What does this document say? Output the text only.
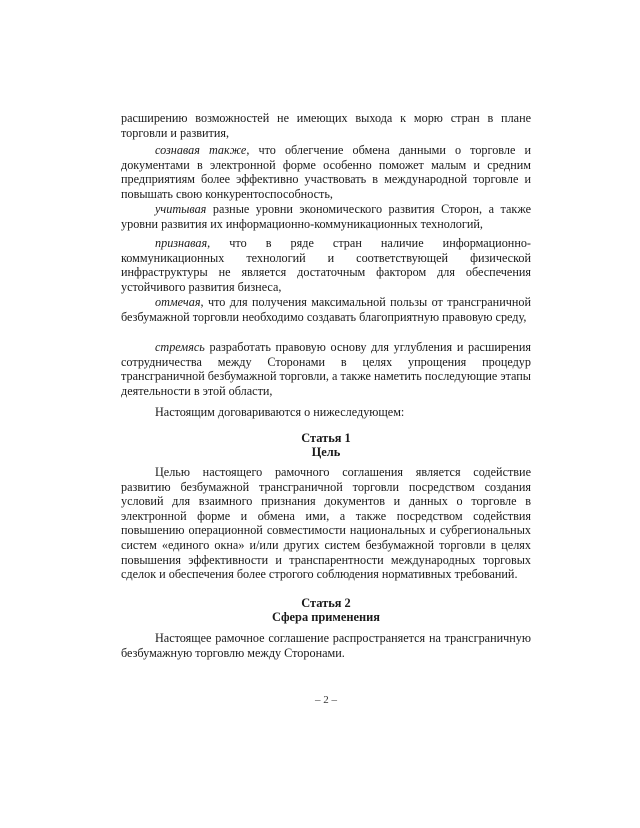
расширению возможностей не имеющих выхода к морю стран в плане торговли и развития,

сознавая также, что облегчение обмена данными о торговле и документами в электронной форме особенно поможет малым и средним предприятиям более эффективно участвовать в международной торговле и повышать свою конкурентоспособность,

учитывая разные уровни экономического развития Сторон, а также уровни развития их информационно-коммуникационных технологий,

признавая, что в ряде стран наличие информационно-коммуникационных технологий и соответствующей физической инфраструктуры не является достаточным фактором для обеспечения устойчивого развития бизнеса,

отмечая, что для получения максимальной пользы от трансграничной безбумажной торговли необходимо создавать благоприятную правовую среду,

стремясь разработать правовую основу для углубления и расширения сотрудничества между Сторонами в целях упрощения процедур трансграничной безбумажной торговли, а также наметить последующие этапы деятельности в этой области,

Настоящим договариваются о нижеследующем:

Статья 1
Цель

Целью настоящего рамочного соглашения является содействие развитию безбумажной трансграничной торговли посредством создания условий для взаимного признания документов и данных о торговле в электронной форме и обмена ими, а также посредством содействия повышению операционной совместимости национальных и субрегиональных систем «единого окна» и/или других систем безбумажной торговли в целях повышения эффективности и транспарентности международных торговых сделок и обеспечения более строгого соблюдения нормативных требований.

Статья 2
Сфера применения

Настоящее рамочное соглашение распространяется на трансграничную безбумажную торговлю между Сторонами.

– 2 –
